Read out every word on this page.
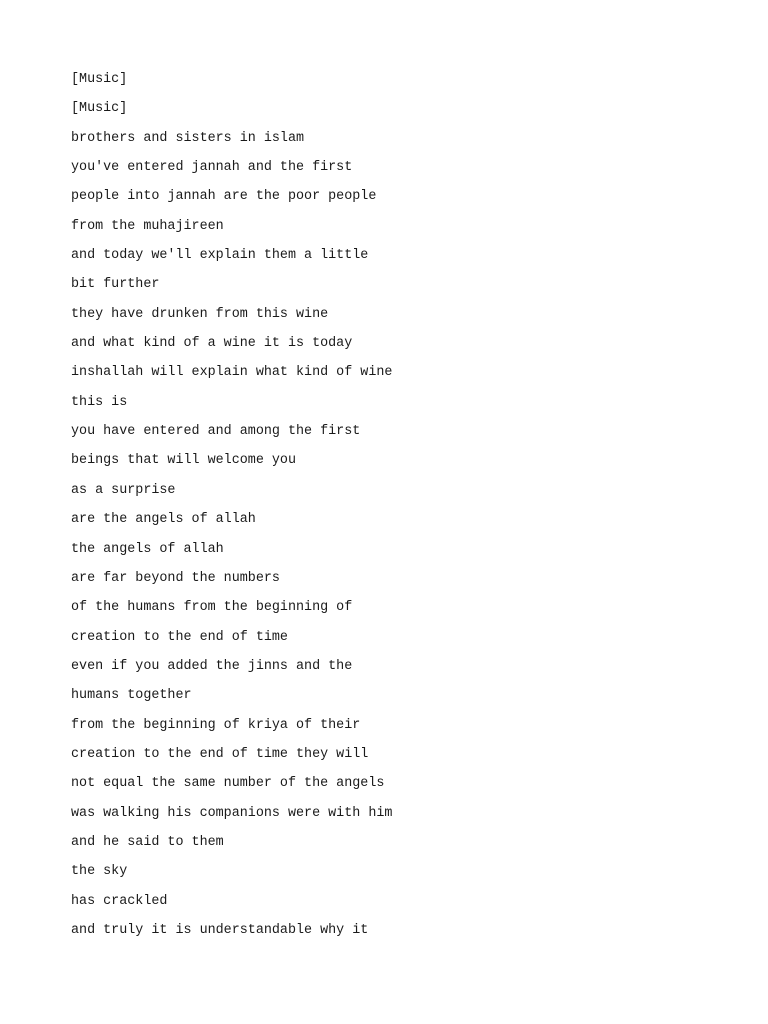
[Music]
[Music]
brothers and sisters in islam
you've entered jannah and the first
people into jannah are the poor people
from the muhajireen
and today we'll explain them a little
bit further
they have drunken from this wine
and what kind of a wine it is today
inshallah will explain what kind of wine
this is
you have entered and among the first
beings that will welcome you
as a surprise
are the angels of allah
the angels of allah
are far beyond the numbers
of the humans from the beginning of
creation to the end of time
even if you added the jinns and the
humans together
from the beginning of kriya of their
creation to the end of time they will
not equal the same number of the angels
was walking his companions were with him
and he said to them
the sky
has crackled
and truly it is understandable why it
